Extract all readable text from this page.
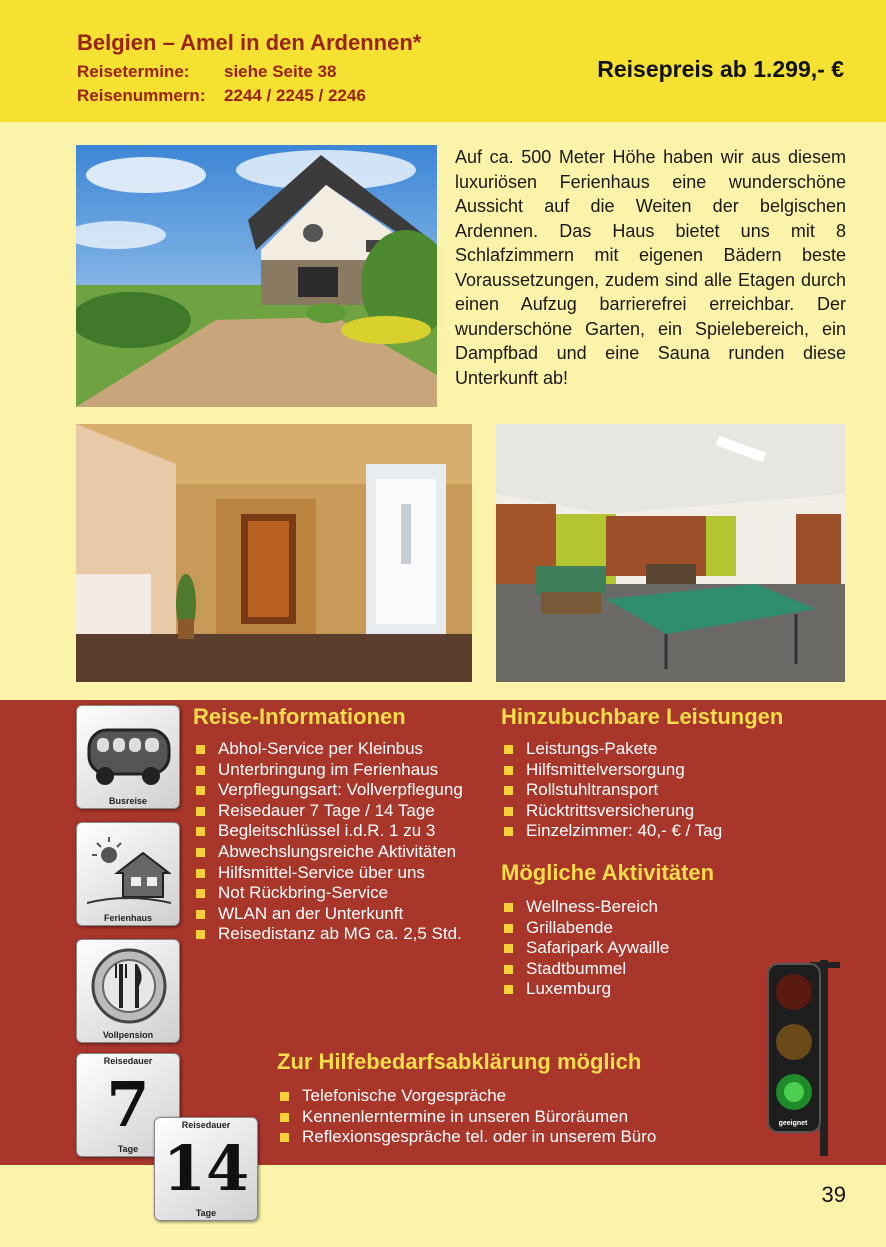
Belgien – Amel in den Ardennen*
Reisetermine: siehe Seite 38
Reisenummern: 2244 / 2245 / 2246
Reisepreis ab 1.299,- €
Auf ca. 500 Meter Höhe haben wir aus diesem luxuriösen Ferienhaus eine wunderschöne Aussicht auf die Weiten der belgischen Ardennen. Das Haus bietet uns mit 8 Schlafzimmern mit eigenen Bädern beste Voraussetzungen, zudem sind alle Etagen durch einen Aufzug barrierefrei erreichbar. Der wunderschöne Garten, ein Spielebereich, ein Dampfbad und eine Sauna runden diese Unterkunft ab!
Busreise
Ferienhaus
Vollpension
Reisedauer
7
Tage
Reisedauer
14
Tage
Reise-Informationen
Abhol-Service per Kleinbus
Unterbringung im Ferienhaus
Verpflegungsart: Vollverpflegung
Reisedauer 7 Tage / 14 Tage
Begleitschlüssel i.d.R. 1 zu 3
Abwechslungsreiche Aktivitäten
Hilfsmittel-Service über uns
Not Rückbring-Service
WLAN an der Unterkunft
Reisedistanz ab MG ca. 2,5 Std.
Hinzubuchbare Leistungen
Leistungs-Pakete
Hilfsmittelversorgung
Rollstuhltransport
Rücktrittsversicherung
Einzelzimmer: 40,- € / Tag
Mögliche Aktivitäten
Wellness-Bereich
Grillabende
Safaripark Aywaille
Stadtbummel
Luxemburg
geeignet
Zur Hilfebedarfsabklärung möglich
Telefonische Vorgespräche
Kennenlerntermine in unseren Büroräumen
Reflexionsgespräche tel. oder in unserem Büro
39
